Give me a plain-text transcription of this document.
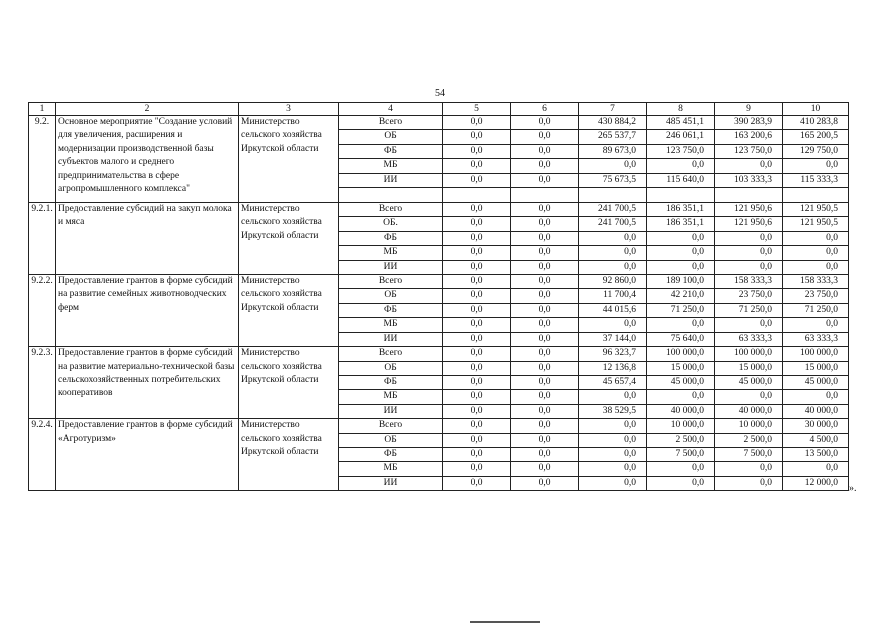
54
1	2	3	4	5	6	7	8	9	10
9.2.	Основное мероприятие "Создание условий для увеличения, расширения и модернизации производственной базы субъектов малого и среднего предпринимательства в сфере агропромышленного комплекса"	Министерство сельского хозяйства Иркутской области	Всего	0,0	0,0	430 884,2	485 451,1	390 283,9	410 283,8
			ОБ	0,0	0,0	265 537,7	246 061,1	163 200,6	165 200,5
			ФБ	0,0	0,0	89 673,0	123 750,0	123 750,0	129 750,0
			МБ	0,0	0,0	0,0	0,0	0,0	0,0
			ИИ	0,0	0,0	75 673,5	115 640,0	103 333,3	115 333,3

9.2.1.	Предоставление субсидий на закуп молока и мяса	Министерство сельского хозяйства Иркутской области	Всего	0,0	0,0	241 700,5	186 351,1	121 950,6	121 950,5
			ОБ.	0,0	0,0	241 700,5	186 351,1	121 950,6	121 950,5
			ФБ	0,0	0,0	0,0	0,0	0,0	0,0
			МБ	0,0	0,0	0,0	0,0	0,0	0,0
			ИИ	0,0	0,0	0,0	0,0	0,0	0,0
9.2.2.	Предоставление грантов в форме субсидий на развитие семейных животноводческих ферм	Министерство сельского хозяйства Иркутской области	Всего	0,0	0,0	92 860,0	189 100,0	158 333,3	158 333,3
			ОБ	0,0	0,0	11 700,4	42 210,0	23 750,0	23 750,0
			ФБ	0,0	0,0	44 015,6	71 250,0	71 250,0	71 250,0
			МБ	0,0	0,0	0,0	0,0	0,0	0,0
			ИИ	0,0	0,0	37 144,0	75 640,0	63 333,3	63 333,3
9.2.3.	Предоставление грантов в форме субсидий на развитие материально-технической базы сельскохозяйственных потребительских кооперативов	Министерство сельского хозяйства Иркутской области	Всего	0,0	0,0	96 323,7	100 000,0	100 000,0	100 000,0
			ОБ	0,0	0,0	12 136,8	15 000,0	15 000,0	15 000,0
			ФБ	0,0	0,0	45 657,4	45 000,0	45 000,0	45 000,0
			МБ	0,0	0,0	0,0	0,0	0,0	0,0
			ИИ	0,0	0,0	38 529,5	40 000,0	40 000,0	40 000,0
9.2.4.	Предоставление грантов в форме субсидий «Агротуризм»	Министерство сельского хозяйства Иркутской области	Всего	0,0	0,0	0,0	10 000,0	10 000,0	30 000,0
			ОБ	0,0	0,0	0,0	2 500,0	2 500,0	4 500,0
			ФБ	0,0	0,0	0,0	7 500,0	7 500,0	13 500,0
			МБ	0,0	0,0	0,0	0,0	0,0	0,0
			ИИ	0,0	0,0	0,0	0,0	0,0	12 000,0
».
